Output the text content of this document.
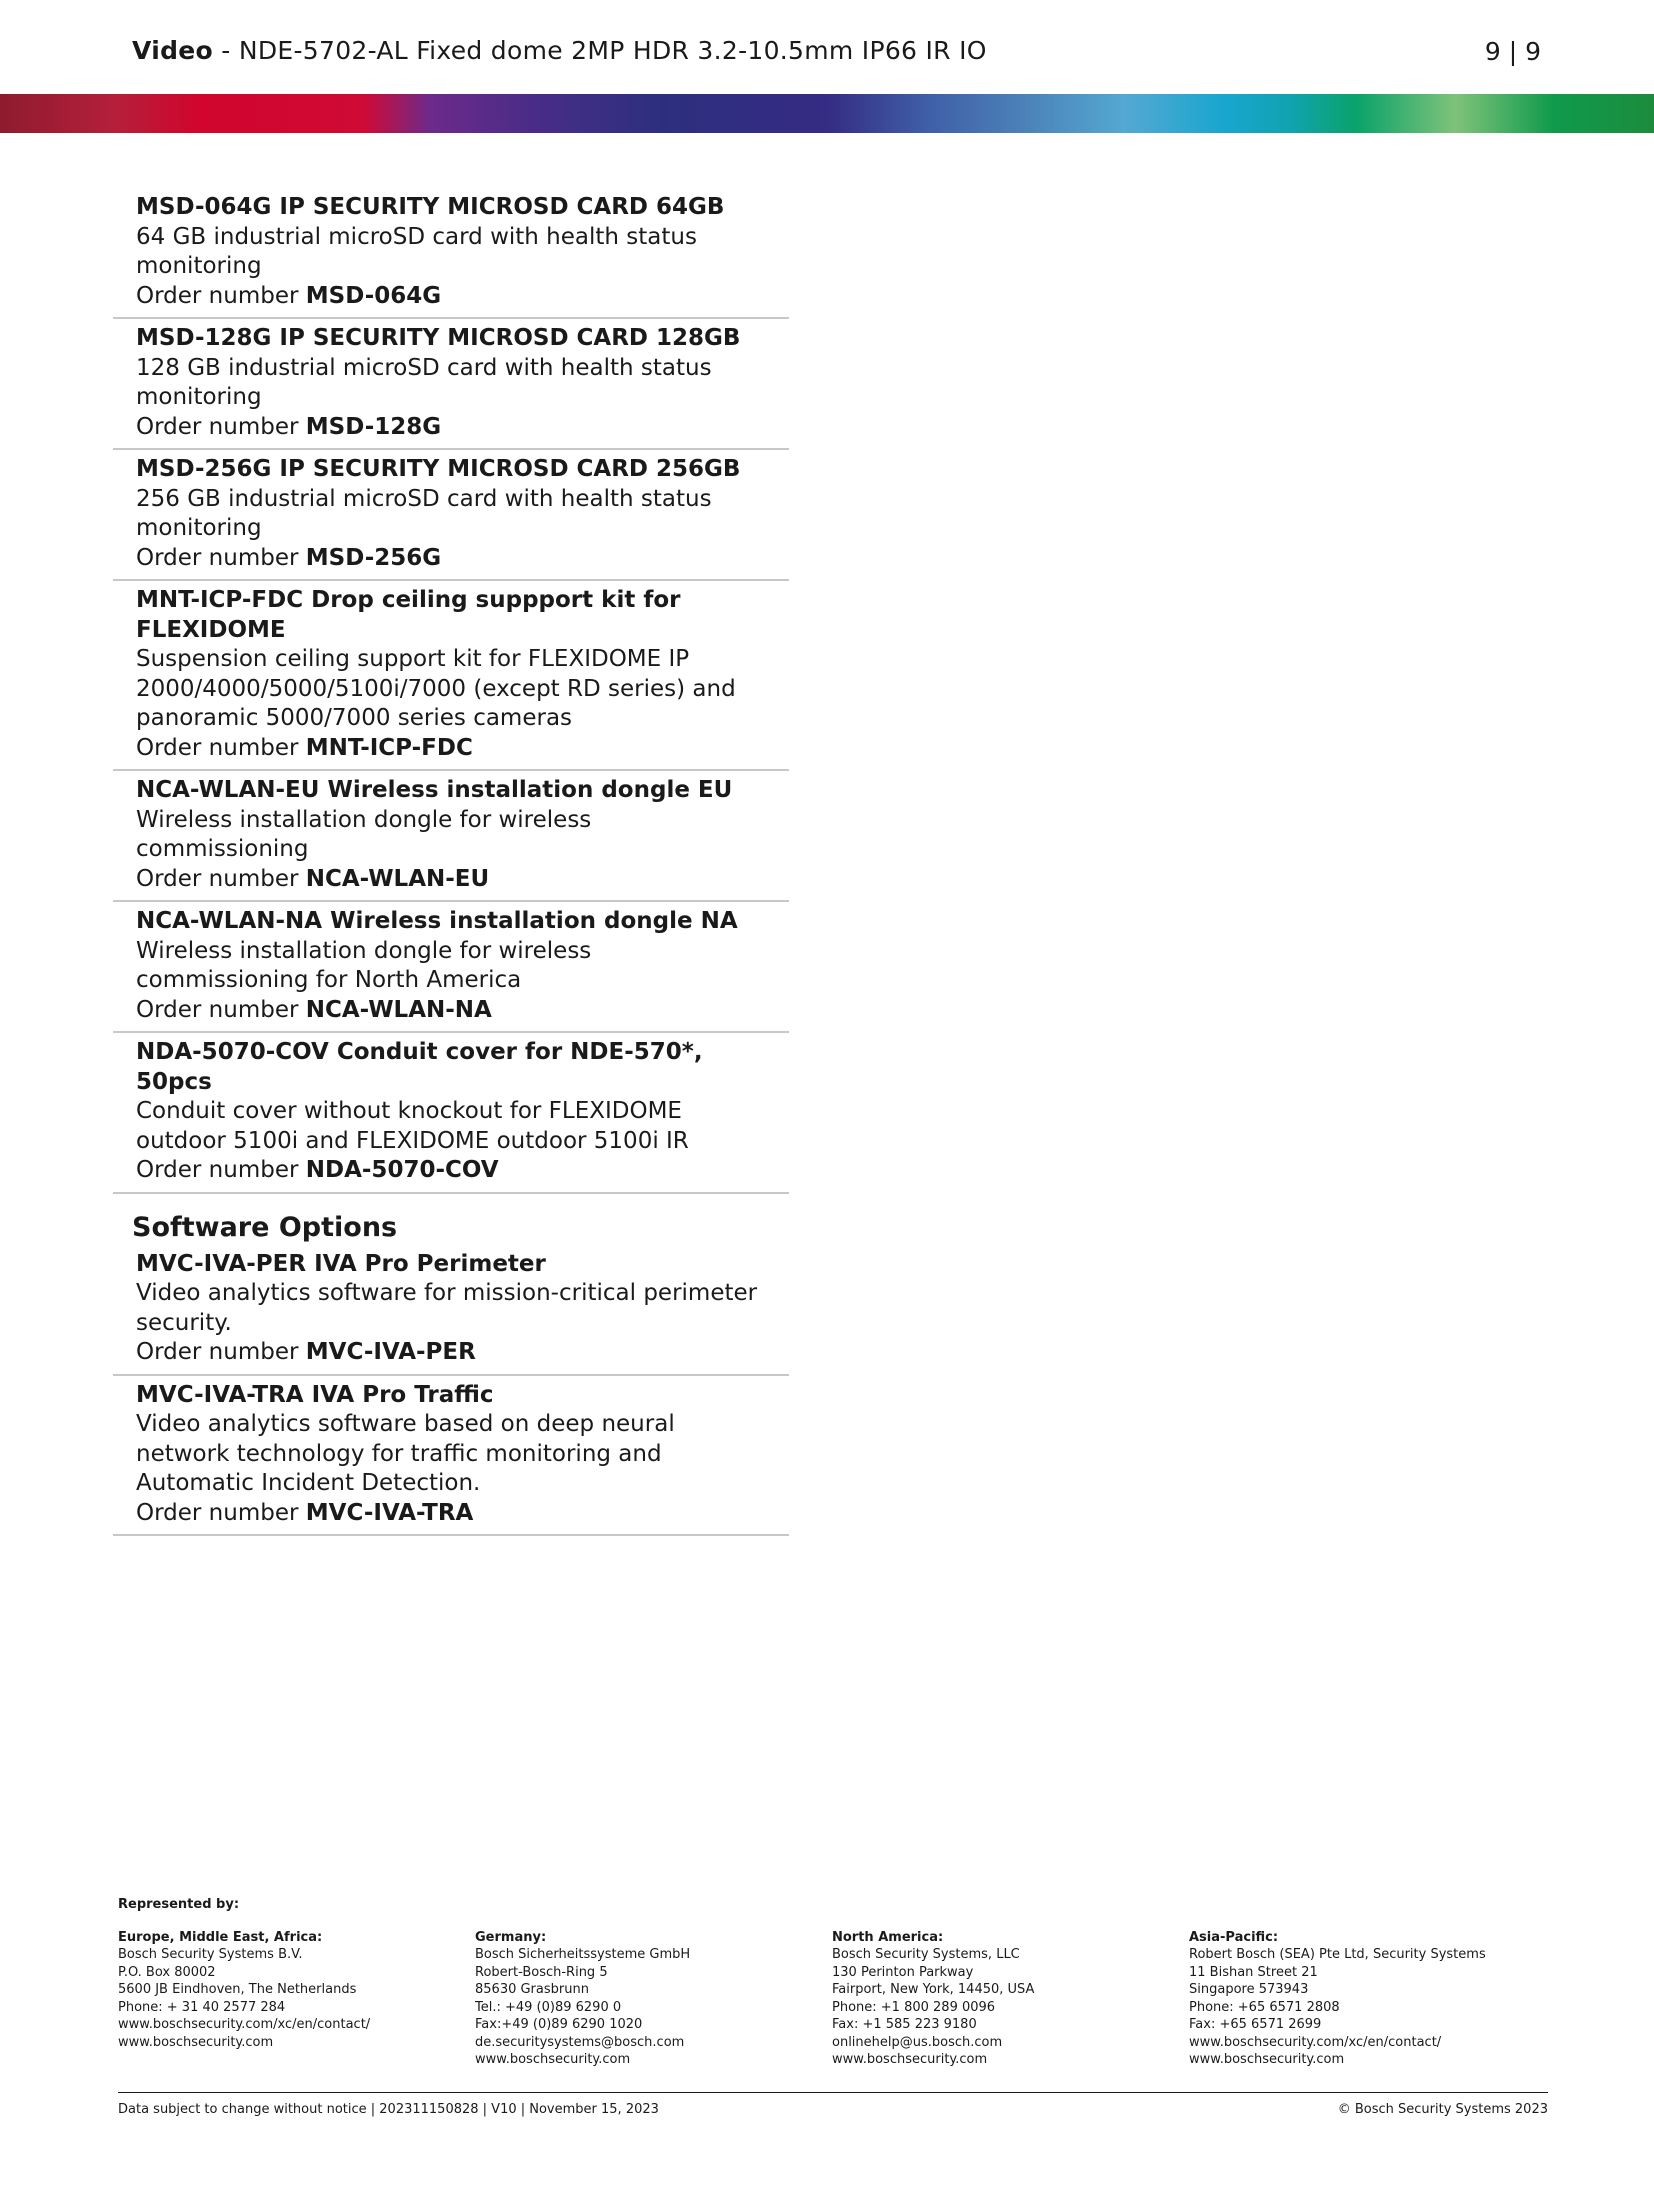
Video - NDE-5702-AL Fixed dome 2MP HDR 3.2-10.5mm IP66 IR IO	9 | 9
MSD-064G IP SECURITY MICROSD CARD 64GB
64 GB industrial microSD card with health status monitoring
Order number MSD-064G
MSD-128G IP SECURITY MICROSD CARD 128GB
128 GB industrial microSD card with health status monitoring
Order number MSD-128G
MSD-256G IP SECURITY MICROSD CARD 256GB
256 GB industrial microSD card with health status monitoring
Order number MSD-256G
MNT-ICP-FDC Drop ceiling suppport kit for FLEXIDOME
Suspension ceiling support kit for FLEXIDOME IP 2000/4000/5000/5100i/7000 (except RD series) and panoramic 5000/7000 series cameras
Order number MNT-ICP-FDC
NCA-WLAN-EU Wireless installation dongle EU
Wireless installation dongle for wireless commissioning
Order number NCA-WLAN-EU
NCA-WLAN-NA Wireless installation dongle NA
Wireless installation dongle for wireless commissioning for North America
Order number NCA-WLAN-NA
NDA-5070-COV Conduit cover for NDE-570*, 50pcs
Conduit cover without knockout for FLEXIDOME outdoor 5100i and FLEXIDOME outdoor 5100i IR
Order number NDA-5070-COV
Software Options
MVC-IVA-PER IVA Pro Perimeter
Video analytics software for mission-critical perimeter security.
Order number MVC-IVA-PER
MVC-IVA-TRA IVA Pro Traffic
Video analytics software based on deep neural network technology for traffic monitoring and Automatic Incident Detection.
Order number MVC-IVA-TRA
Represented by:
Europe, Middle East, Africa:
Bosch Security Systems B.V.
P.O. Box 80002
5600 JB Eindhoven, The Netherlands
Phone: + 31 40 2577 284
www.boschsecurity.com/xc/en/contact/
www.boschsecurity.com
Germany:
Bosch Sicherheitssysteme GmbH
Robert-Bosch-Ring 5
85630 Grasbrunn
Tel.: +49 (0)89 6290 0
Fax:+49 (0)89 6290 1020
de.securitysystems@bosch.com
www.boschsecurity.com
North America:
Bosch Security Systems, LLC
130 Perinton Parkway
Fairport, New York, 14450, USA
Phone: +1 800 289 0096
Fax: +1 585 223 9180
onlinehelp@us.bosch.com
www.boschsecurity.com
Asia-Pacific:
Robert Bosch (SEA) Pte Ltd, Security Systems
11 Bishan Street 21
Singapore 573943
Phone: +65 6571 2808
Fax: +65 6571 2699
www.boschsecurity.com/xc/en/contact/
www.boschsecurity.com
Data subject to change without notice | 202311150828 | V10 | November 15, 2023	© Bosch Security Systems 2023
